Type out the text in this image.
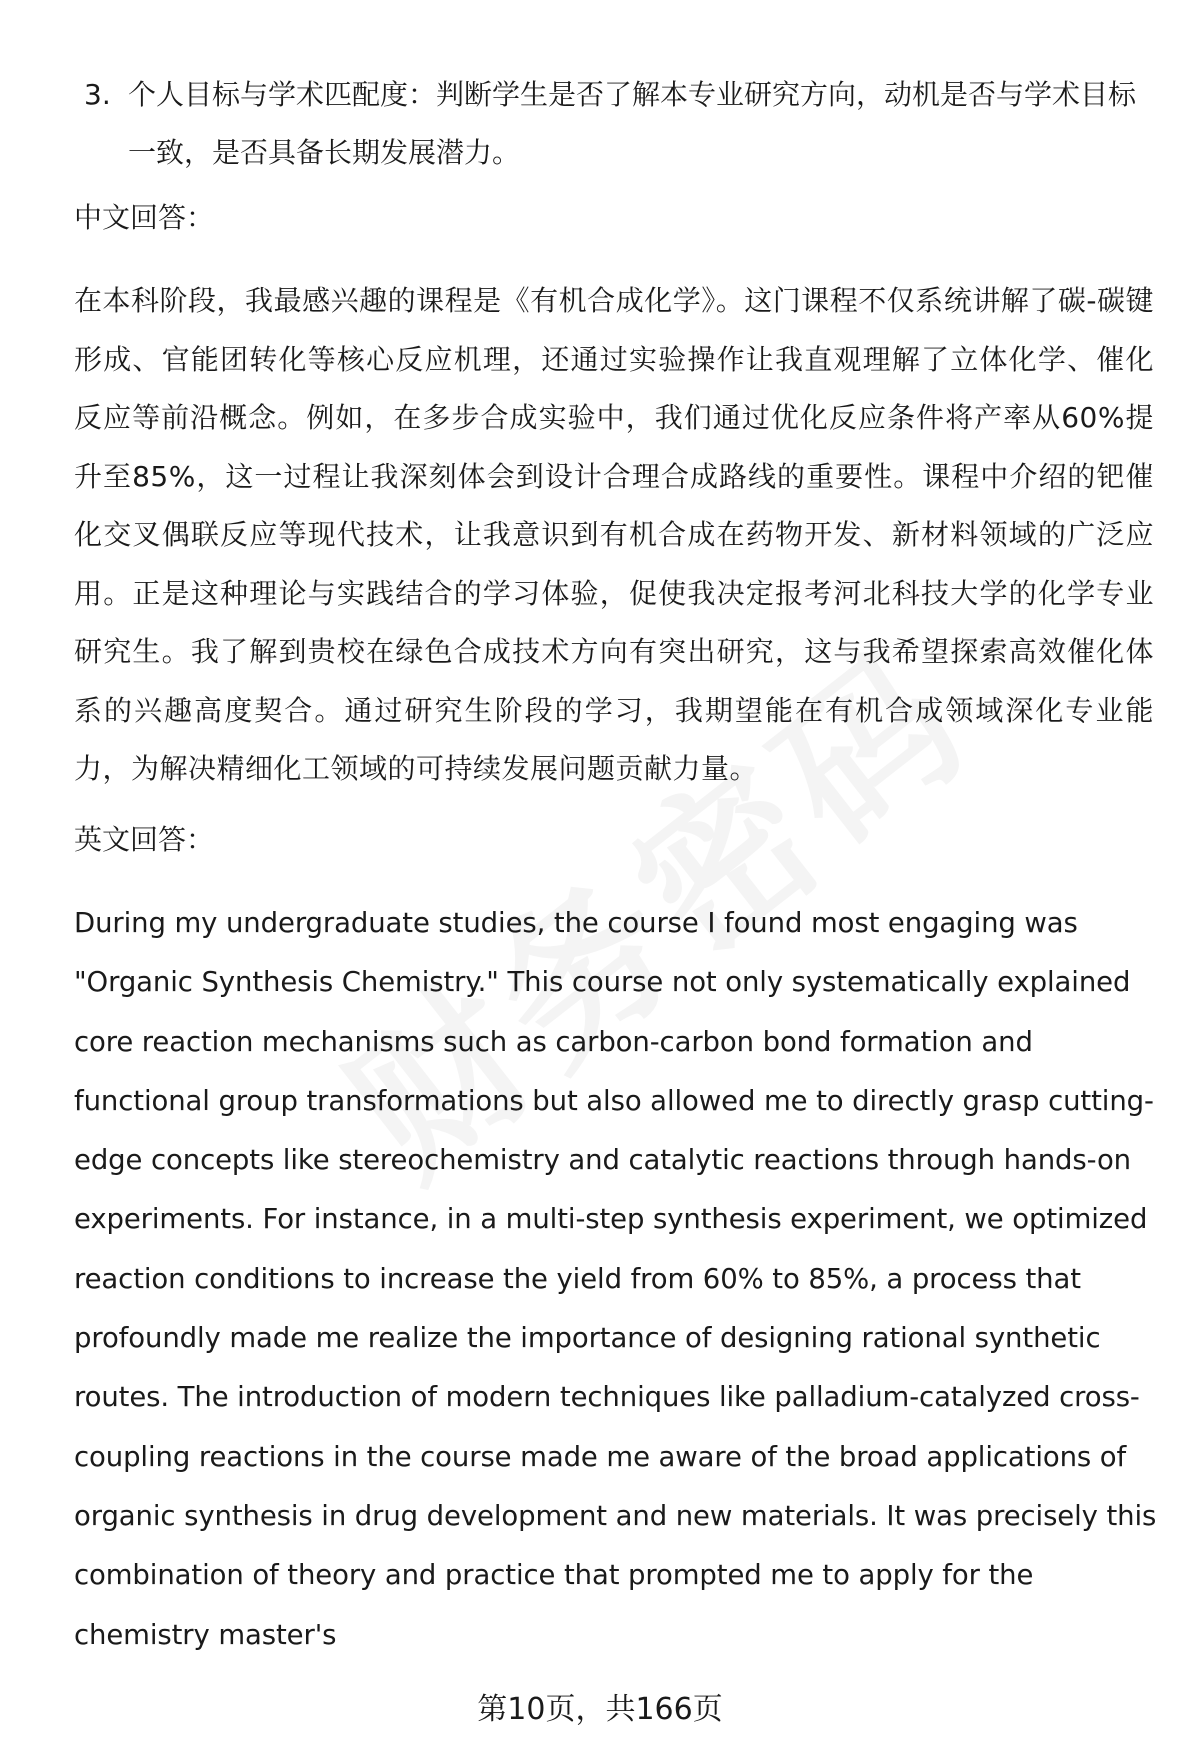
3. 个人目标与学术匹配度：判断学生是否了解本专业研究方向，动机是否与学术目标一致，是否具备长期发展潜力。
中文回答：
在本科阶段，我最感兴趣的课程是《有机合成化学》。这门课程不仅系统讲解了碳-碳键形成、官能团转化等核心反应机理，还通过实验操作让我直观理解了立体化学、催化反应等前沿概念。例如，在多步合成实验中，我们通过优化反应条件将产率从60%提升至85%，这一过程让我深刻体会到设计合理合成路线的重要性。课程中介绍的钯催化交叉偶联反应等现代技术，让我意识到有机合成在药物开发、新材料领域的广泛应用。正是这种理论与实践结合的学习体验，促使我决定报考河北科技大学的化学专业研究生。我了解到贵校在绿色合成技术方向有突出研究，这与我希望探索高效催化体系的兴趣高度契合。通过研究生阶段的学习，我期望能在有机合成领域深化专业能力，为解决精细化工领域的可持续发展问题贡献力量。
英文回答：
During my undergraduate studies, the course I found most engaging was "Organic Synthesis Chemistry." This course not only systematically explained core reaction mechanisms such as carbon-carbon bond formation and functional group transformations but also allowed me to directly grasp cutting-edge concepts like stereochemistry and catalytic reactions through hands-on experiments. For instance, in a multi-step synthesis experiment, we optimized reaction conditions to increase the yield from 60% to 85%, a process that profoundly made me realize the importance of designing rational synthetic routes. The introduction of modern techniques like palladium-catalyzed cross-coupling reactions in the course made me aware of the broad applications of organic synthesis in drug development and new materials. It was precisely this combination of theory and practice that prompted me to apply for the chemistry master's
第10页，共166页
